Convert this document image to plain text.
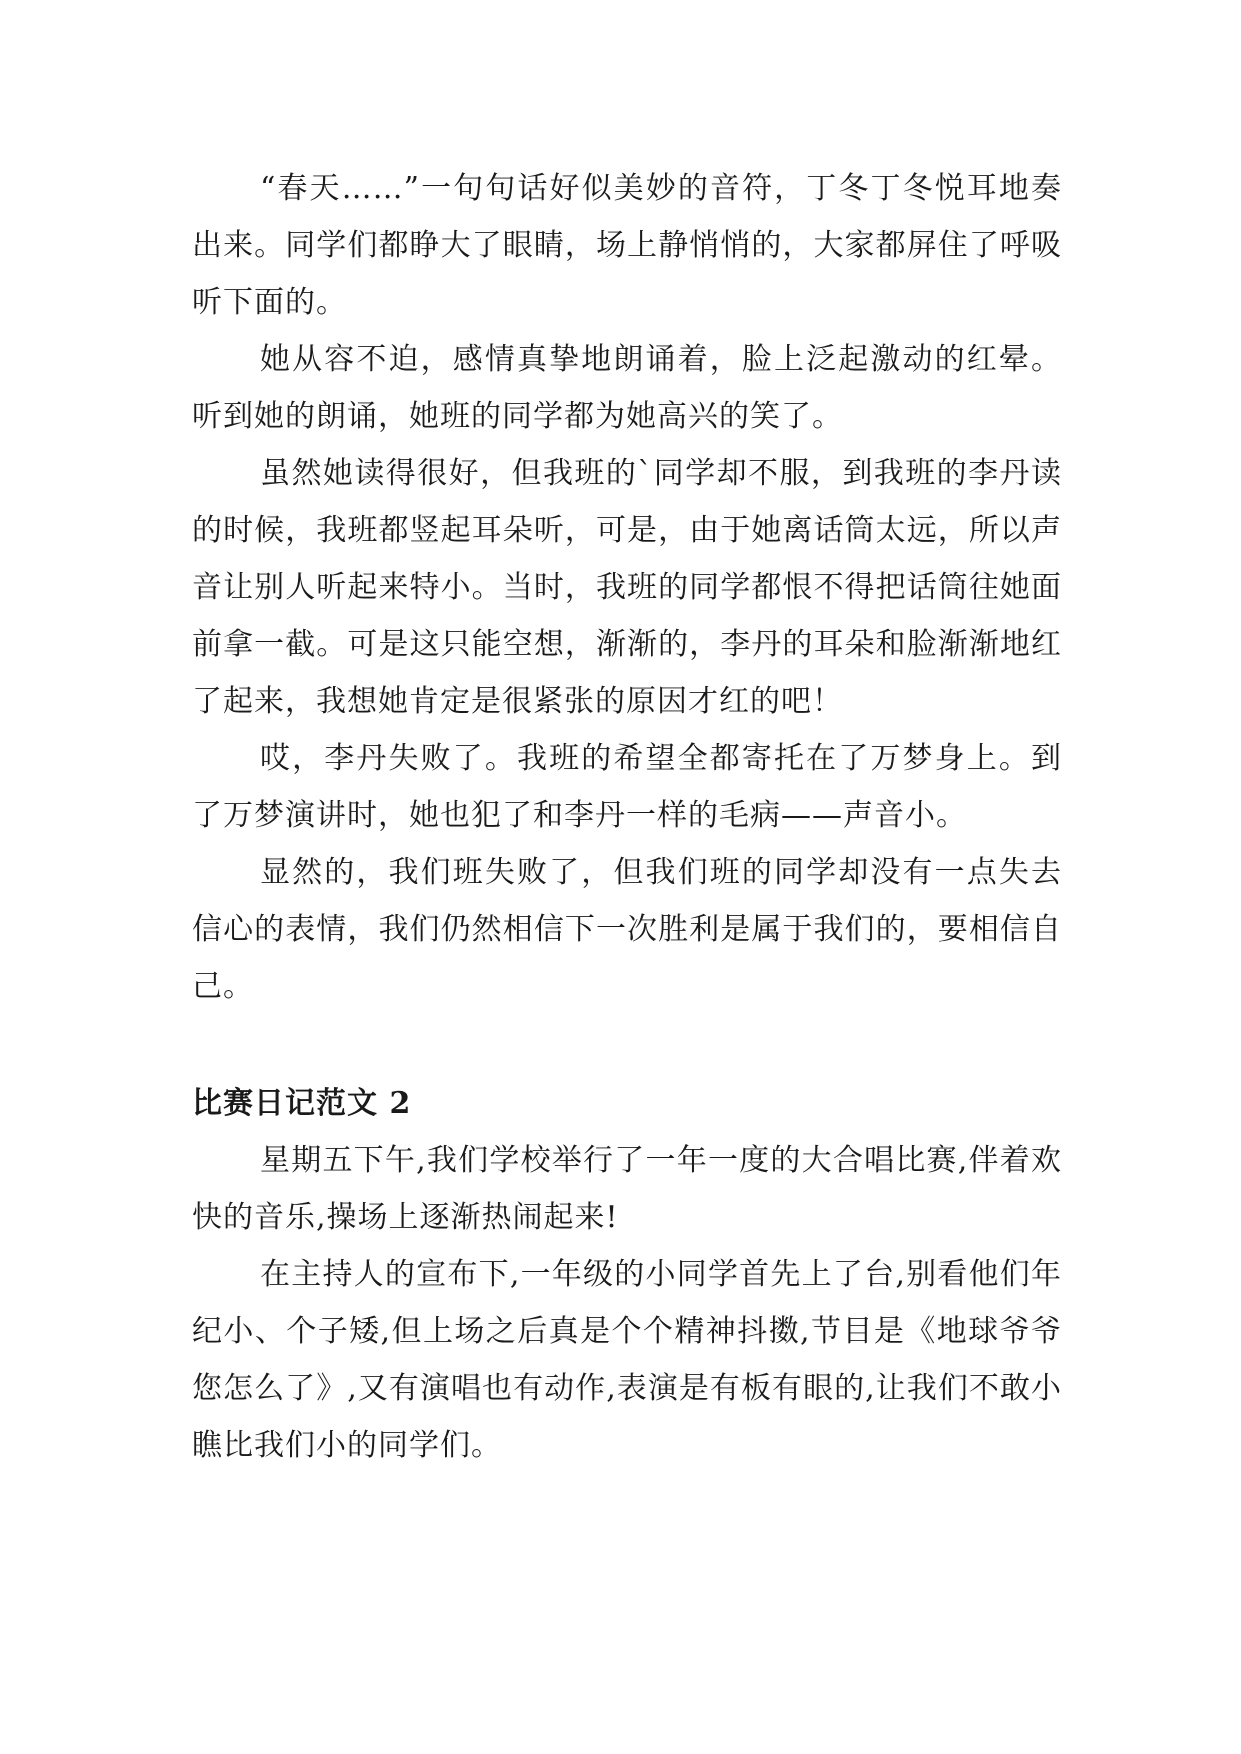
“春天……”一句句话好似美妙的音符，丁冬丁冬悦耳地奏出来。同学们都睁大了眼睛，场上静悄悄的，大家都屏住了呼吸听下面的。

她从容不迫，感情真挚地朗诵着，脸上泛起激动的红晕。听到她的朗诵，她班的同学都为她高兴的笑了。

虽然她读得很好，但我班的`同学却不服，到我班的李丹读的时候，我班都竖起耳朵听，可是，由于她离话筒太远，所以声音让别人听起来特小。当时，我班的同学都恨不得把话筒往她面前拿一截。可是这只能空想，渐渐的，李丹的耳朵和脸渐渐地红了起来，我想她肯定是很紧张的原因才红的吧！

哎，李丹失败了。我班的希望全都寄托在了万梦身上。到了万梦演讲时，她也犯了和李丹一样的毛病——声音小。

显然的，我们班失败了，但我们班的同学却没有一点失去信心的表情，我们仍然相信下一次胜利是属于我们的，要相信自己。

比赛日记范文 2

星期五下午,我们学校举行了一年一度的大合唱比赛,伴着欢快的音乐,操场上逐渐热闹起来!

在主持人的宣布下,一年级的小同学首先上了台,别看他们年纪小、个子矮,但上场之后真是个个精神抖擞,节目是《地球爷爷您怎么了》,又有演唱也有动作,表演是有板有眼的,让我们不敢小瞧比我们小的同学们。
